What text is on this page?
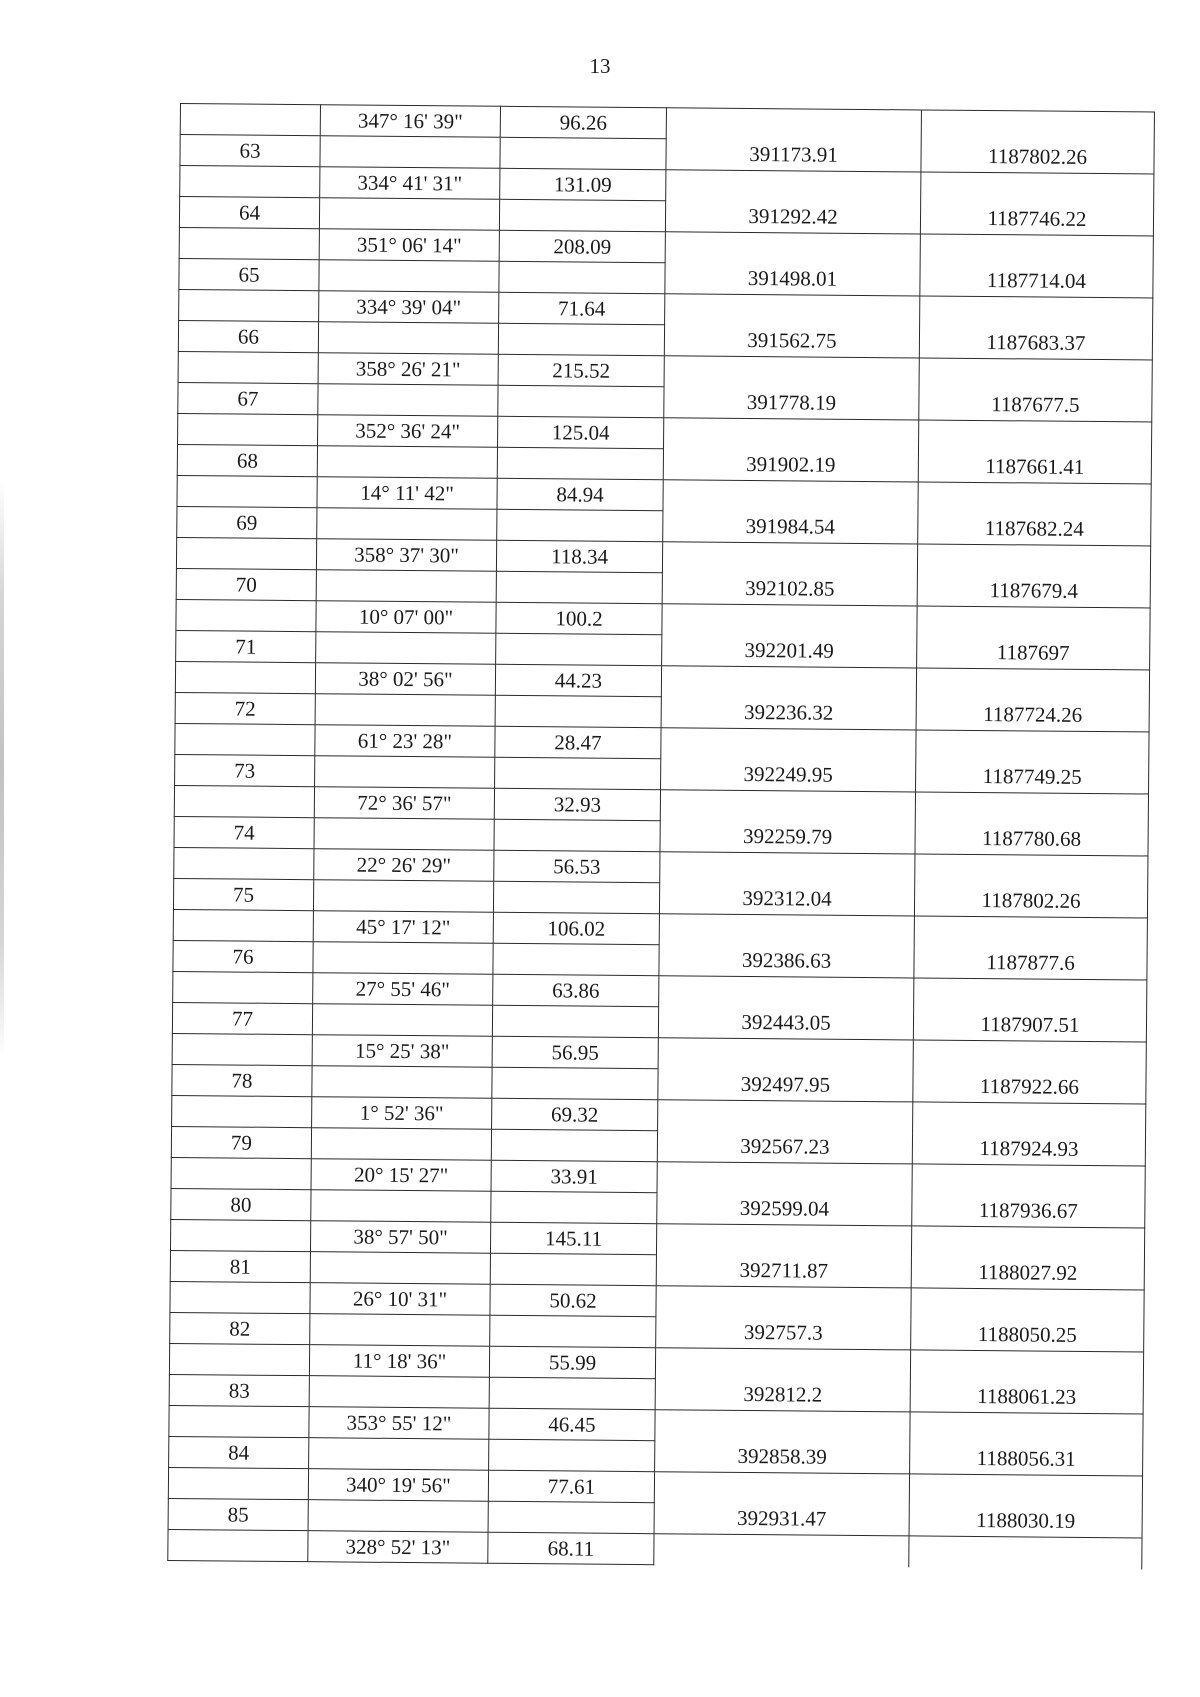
13
	347° 16' 39"	96.26		
63			391173.91	1187802.26
	334° 41' 31"	131.09		
64			391292.42	1187746.22
	351° 06' 14"	208.09		
65			391498.01	1187714.04
	334° 39' 04"	71.64		
66			391562.75	1187683.37
	358° 26' 21"	215.52		
67			391778.19	1187677.5
	352° 36' 24"	125.04		
68			391902.19	1187661.41
	14° 11' 42"	84.94		
69			391984.54	1187682.24
	358° 37' 30"	118.34		
70			392102.85	1187679.4
	10° 07' 00"	100.2		
71			392201.49	1187697
	38° 02' 56"	44.23		
72			392236.32	1187724.26
	61° 23' 28"	28.47		
73			392249.95	1187749.25
	72° 36' 57"	32.93		
74			392259.79	1187780.68
	22° 26' 29"	56.53		
75			392312.04	1187802.26
	45° 17' 12"	106.02		
76			392386.63	1187877.6
	27° 55' 46"	63.86		
77			392443.05	1187907.51
	15° 25' 38"	56.95		
78			392497.95	1187922.66
	1° 52' 36"	69.32		
79			392567.23	1187924.93
	20° 15' 27"	33.91		
80			392599.04	1187936.67
	38° 57' 50"	145.11		
81			392711.87	1188027.92
	26° 10' 31"	50.62		
82			392757.3	1188050.25
	11° 18' 36"	55.99		
83			392812.2	1188061.23
	353° 55' 12"	46.45		
84			392858.39	1188056.31
	340° 19' 56"	77.61		
85			392931.47	1188030.19
	328° 52' 13"	68.11		
